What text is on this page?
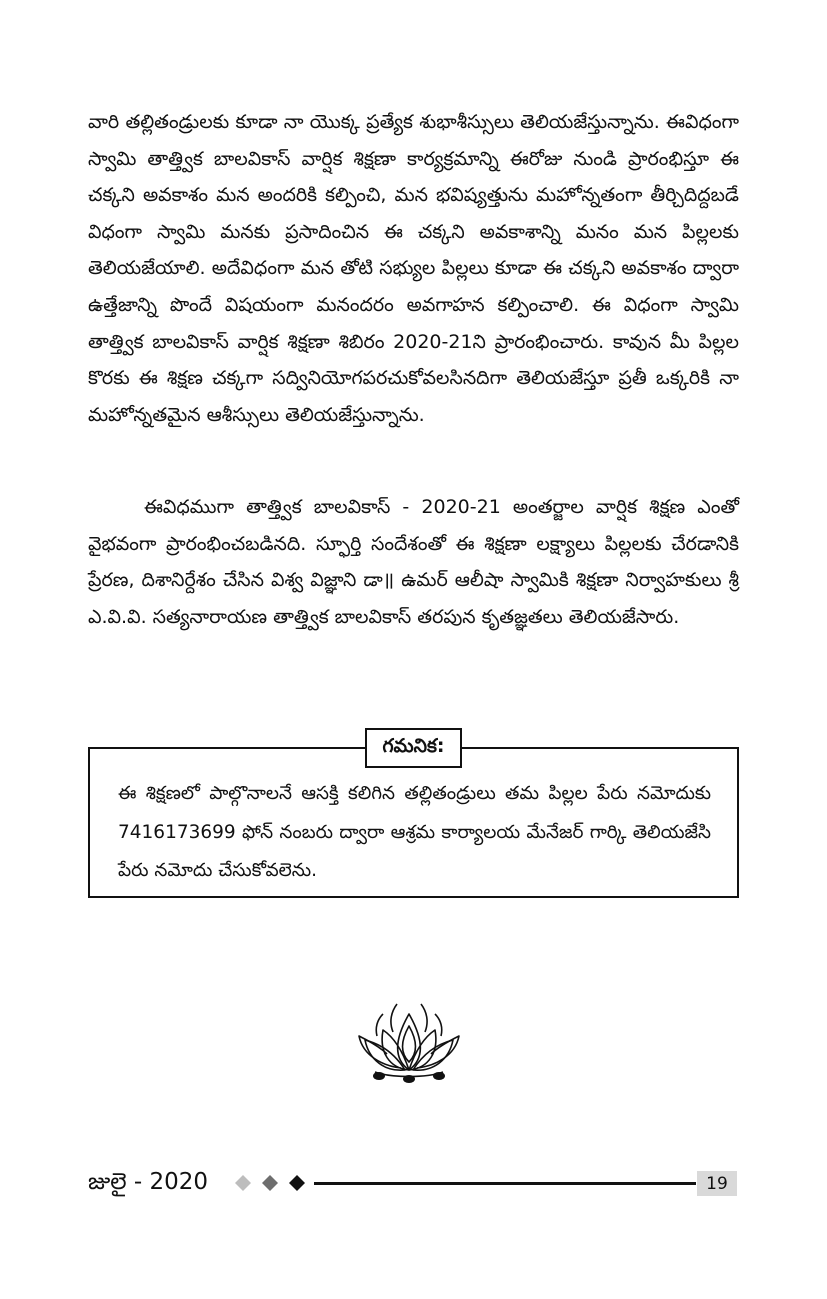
వారి తల్లితండ్రులకు కూడా నా యొక్క ప్రత్యేక శుభాశీస్సులు తెలియజేస్తున్నాను. ఈవిధంగా స్వామి తాత్త్విక బాలవికాస్ వార్షిక శిక్షణా కార్యక్రమాన్ని ఈరోజు నుండి ప్రారంభిస్తూ ఈ చక్కని అవకాశం మన అందరికి కల్పించి, మన భవిష్యత్తును మహోన్నతంగా తీర్చిదిద్దబడే విధంగా స్వామి మనకు ప్రసాదించిన ఈ చక్కని అవకాశాన్ని మనం మన పిల్లలకు తెలియజేయాలి. అదేవిధంగా మన తోటి సభ్యుల పిల్లలు కూడా ఈ చక్కని అవకాశం ద్వారా ఉత్తేజాన్ని పొందే విషయంగా మనందరం అవగాహన కల్పించాలి. ఈ విధంగా స్వామి తాత్త్విక బాలవికాస్ వార్షిక శిక్షణా శిబిరం 2020-21ని ప్రారంభించారు. కావున మీ పిల్లల కొరకు ఈ శిక్షణ చక్కగా సద్వినియోగపరచుకోవలసినదిగా తెలియజేస్తూ ప్రతీ ఒక్కరికి నా మహోన్నతమైన ఆశీస్సులు తెలియజేస్తున్నాను.

ఈవిధముగా తాత్త్విక బాలవికాస్ - 2020-21 అంతర్జాల వార్షిక శిక్షణ ఎంతో వైభవంగా ప్రారంభించబడినది. స్ఫూర్తి సందేశంతో ఈ శిక్షణా లక్ష్యాలు పిల్లలకు చేరడానికి ప్రేరణ, దిశానిర్దేశం చేసిన విశ్వ విజ్ఞాని డా॥ ఉమర్ ఆలీషా స్వామికి శిక్షణా నిర్వాహకులు శ్రీ ఎ.వి.వి. సత్యనారాయణ తాత్త్విక బాలవికాస్ తరపున కృతజ్ఞతలు తెలియజేసారు.

గమనిక:

ఈ శిక్షణలో పాల్గొనాలనే ఆసక్తి కలిగిన తల్లితండ్రులు తమ పిల్లల పేరు నమోదుకు 7416173699 ఫోన్ నంబరు ద్వారా ఆశ్రమ కార్యాలయ మేనేజర్ గార్కి తెలియజేసి పేరు నమోదు చేసుకోవలెను.

జులై - 2020	19
